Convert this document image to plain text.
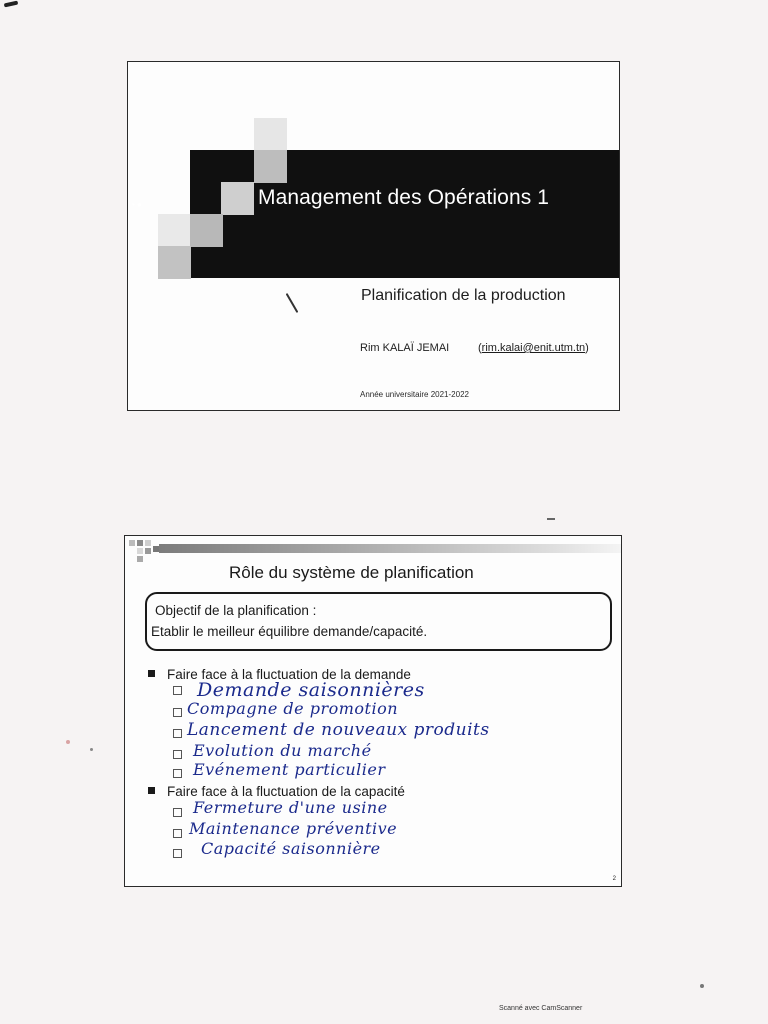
• ●	Management des Opérations 1
Planification de la production
Rim KALAÏ JEMAI	(rim.kalai@enit.utm.tn)
Année universitaire 2021-2022
Rôle du système de planification
Objectif de la planification :
Etablir le meilleur équilibre demande/capacité.
Faire face à la fluctuation de la demande
Demande saisonnières
Compagne de promotion
Lancement de nouveaux produits
Evolution du marché
Evénement particulier
Faire face à la fluctuation de la capacité
Fermeture d'une usine
Maintenance préventive
Capacité saisonnière
2
Scanné avec CamScanner
